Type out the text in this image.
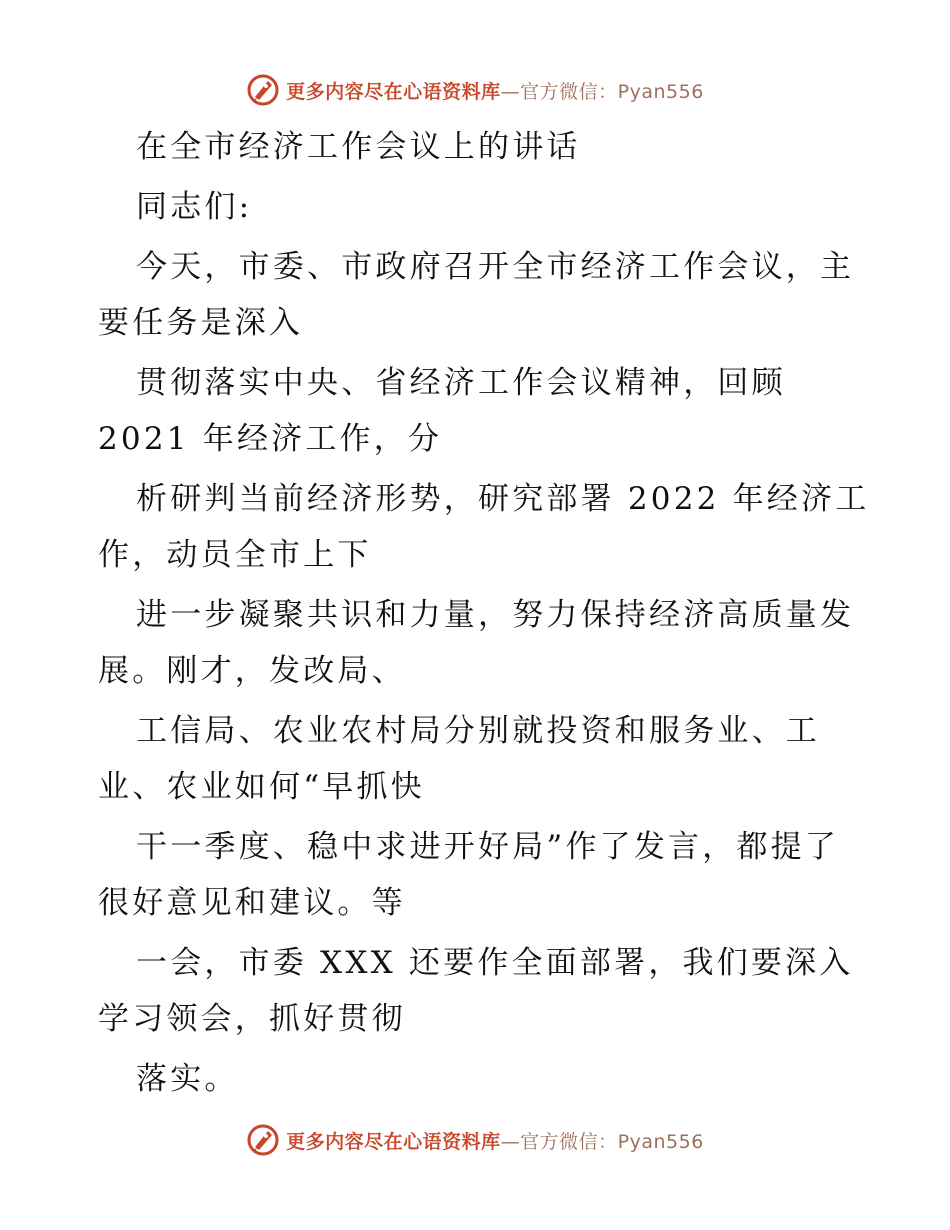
更多内容尽在心语资料库—官方微信：Pyan556
在全市经济工作会议上的讲话
同志们:
今天，市委、市政府召开全市经济工作会议，主
要任务是深入
贯彻落实中央、省经济工作会议精神，回顾
2021 年经济工作，分
析研判当前经济形势，研究部署 2022 年经济工
作，动员全市上下
进一步凝聚共识和力量，努力保持经济高质量发
展。刚才，发改局、
工信局、农业农村局分别就投资和服务业、工
业、农业如何“早抓快
干一季度、稳中求进开好局”作了发言，都提了
很好意见和建议。等
一会，市委 XXX 还要作全面部署，我们要深入
学习领会，抓好贯彻
落实。
更多内容尽在心语资料库—官方微信：Pyan556
